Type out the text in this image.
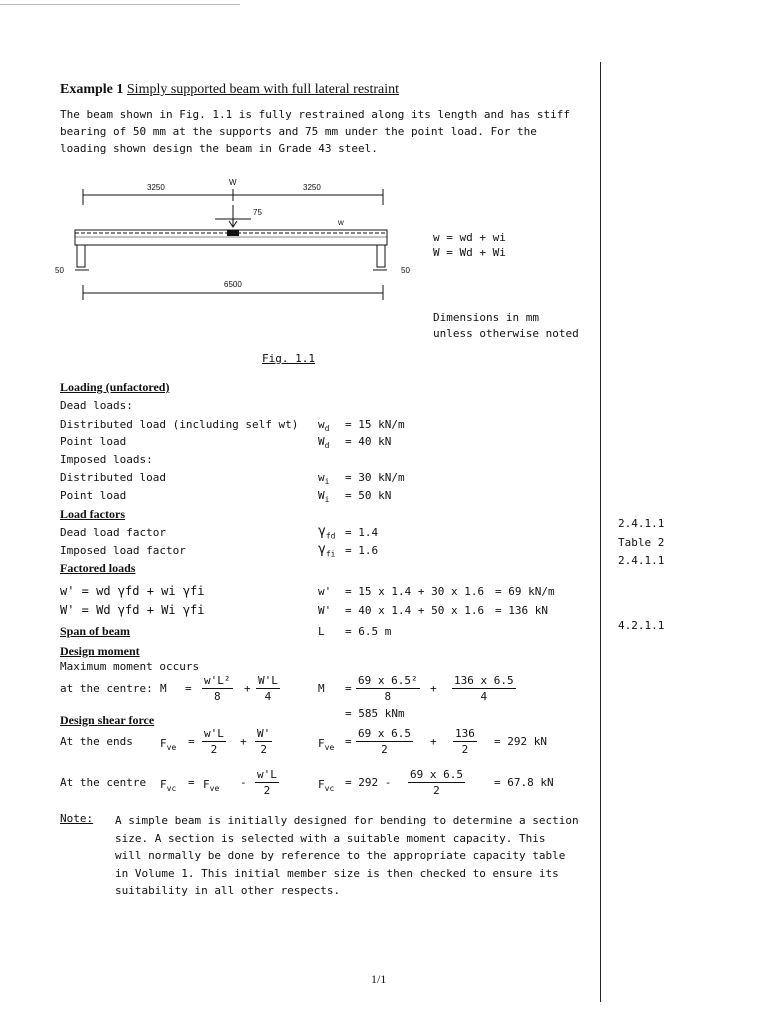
Example 1 Simply supported beam with full lateral restraint
The beam shown in Fig. 1.1 is fully restrained along its length and has stiff
bearing of 50 mm at the supports and 75 mm under the point load. For the
loading shown design the beam in Grade 43 steel.
3250	3250
W
75
w
6500
50	50
w = wd + wi
W = Wd + Wi
Dimensions in mm
unless otherwise noted
Fig. 1.1
Loading (unfactored)
Dead loads:
Distributed load (including self wt) $w_d = 15$ kN/m
Point load	$W_d = 40$ kN
Imposed loads:
Distributed load	$w_i = 30$ kN/m
Point load	$W_i = 50$ kN
Load factors
Dead load factor	$\gamma_{fd} = 1.4$
Imposed load factor	$\gamma_{fi} = 1.6$
Factored loads
w' = wd γfd + wi γfi	w' = 15 x 1.4 + 30 x 1.6 = 69 kN/m
W' = Wd γfd + Wi γfi	W' = 40 x 1.4 + 50 x 1.6 = 136 kN
Span of beam	L = 6.5 m
Design moment
Maximum moment occurs
at the centre: $M = \frac{\text{w'L²}}{8} + \frac{W'L}{4}$	$M = \frac{\text{69 x 6.5²}}{8} + \frac{136 x 6.5}{4}$
= 585 kNm
Design shear force
At the ends $F_{ve} = \frac{w'L}{2} + \frac{W'}{2}$	$F_{ve} = \frac{69 x 6.5}{2} + \frac{136}{2} = 292$ kN
At the centre $F_{vc} = F_{ve} - \frac{w'L}{2}$	$F_{vc} = 292 - \frac{69 x 6.5}{2}$	= 67.8 kN
Note: A simple beam is initially designed for bending to determine a section
size. A section is selected with a suitable moment capacity. This
will normally be done by reference to the appropriate capacity table
in Volume 1. This initial member size is then checked to ensure its
suitability in all other respects.
2.4.1.1
Table 2
2.4.1.1
4.2.1.1
1/1
